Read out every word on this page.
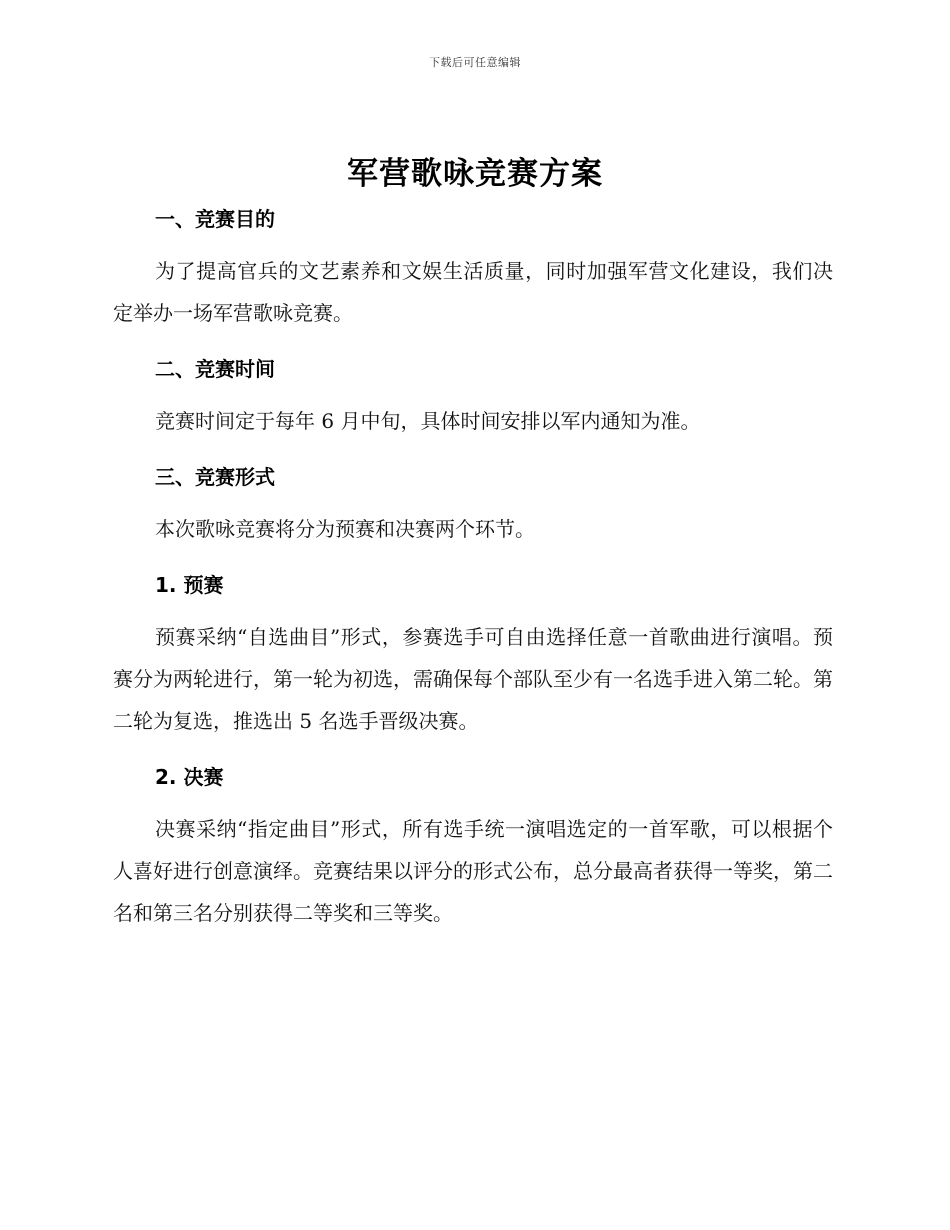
下载后可任意编辑
军营歌咏竞赛方案
一、竞赛目的

为了提高官兵的文艺素养和文娱生活质量，同时加强军营文化建设，我们决定举办一场军营歌咏竞赛。

二、竞赛时间

竞赛时间定于每年 6 月中旬，具体时间安排以军内通知为准。

三、竞赛形式

本次歌咏竞赛将分为预赛和决赛两个环节。

1. 预赛

预赛采纳“自选曲目”形式，参赛选手可自由选择任意一首歌曲进行演唱。预赛分为两轮进行，第一轮为初选，需确保每个部队至少有一名选手进入第二轮。第二轮为复选，推选出 5 名选手晋级决赛。

2. 决赛

决赛采纳“指定曲目”形式，所有选手统一演唱选定的一首军歌，可以根据个人喜好进行创意演绎。竞赛结果以评分的形式公布，总分最高者获得一等奖，第二名和第三名分别获得二等奖和三等奖。
